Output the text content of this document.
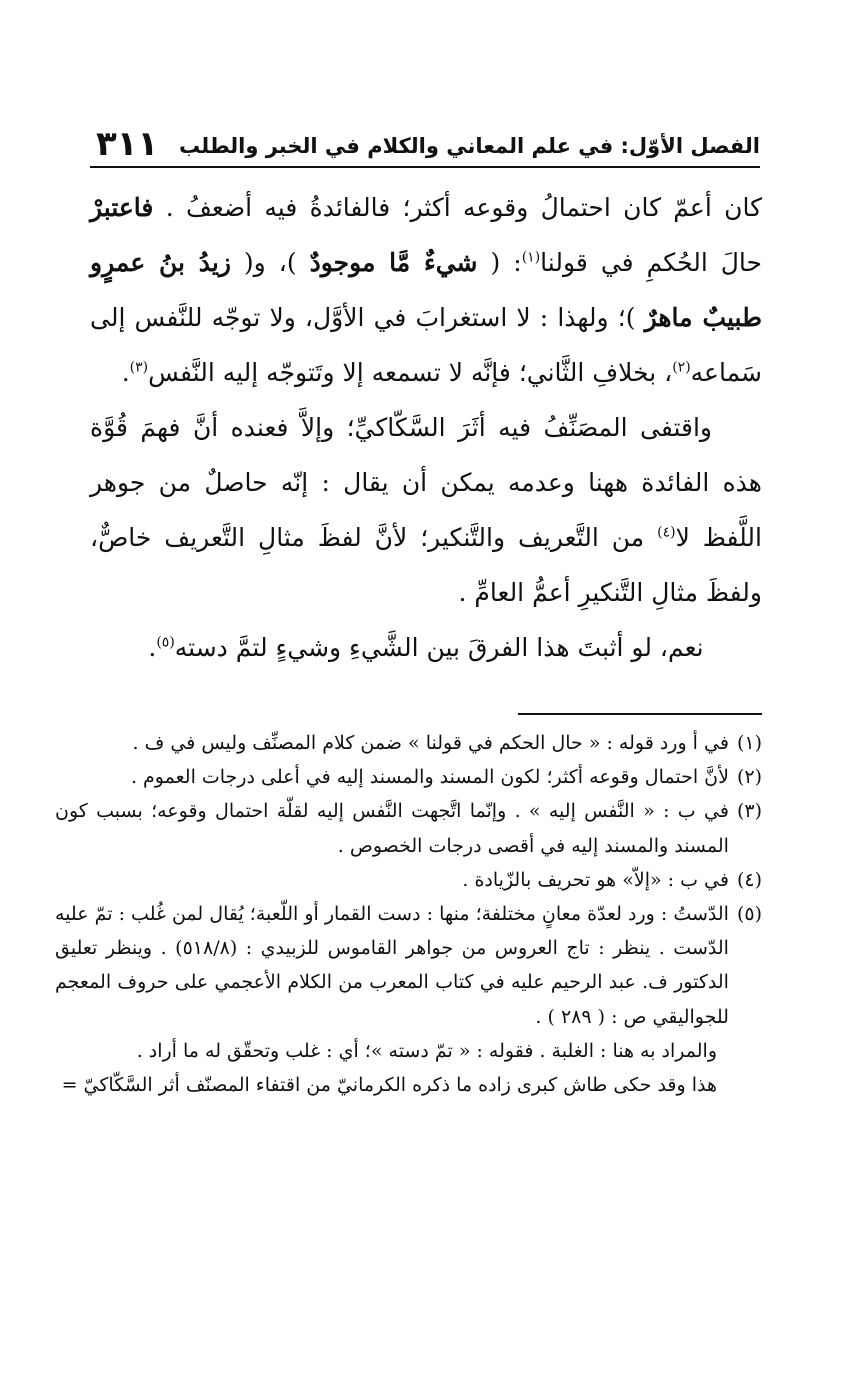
٣١١ الفصل الأوّل: في علم المعاني والكلام في الخبر والطلب

كان أعمّ كان احتمالُ وقوعه أكثر؛ فالفائدةُ فيه أضعفُ . فاعتبرْ حالَ الحُكمِ في قولنا$^{(١)}$: ( شيءٌ مَّا موجودٌ )، و( زيدُ بنُ عمرٍو طبيبٌ ماهرٌ )؛ ولهذا : لا استغرابَ في الأوَّل، ولا توجّه للنَّفس إلى سَماعه$^{(٢)}$، بخلافِ الثَّاني؛ فإنَّه لا تسمعه إلا وتَتوجّه إليه النَّفس$^{(٣)}$.

واقتفى المصَنِّفُ فيه أثَرَ السَّكّاكيِّ؛ وإلاَّ فعنده أنَّ فهمَ قُوَّة هذه الفائدة ههنا وعدمه يمكن أن يقال : إنّه حاصلٌ من جوهر اللَّفظ لا$^{(٤)}$ من التَّعريف والتَّنكير؛ لأنَّ لفظَ مثالِ التَّعريف خاصٌّ، ولفظَ مثالِ التَّنكيرِ أعمُّ العامِّ .

نعم، لو أثبتَ هذا الفرقَ بين الشَّيءِ وشيءٍ لتمَّ دسته$^{(٥)}$.

(١)
في أ ورد قوله : « حال الحكم في قولنا » ضمن كلام المصنِّف وليس في ف .
(٢)
لأنَّ احتمال وقوعه أكثر؛ لكون المسند والمسند إليه في أعلى درجات العموم .
(٣)
في ب : « النَّفس إليه » . وإنّما اتَّجهت النَّفس إليه لقلّة احتمال وقوعه؛ بسبب كون المسند والمسند إليه في أقصى درجات الخصوص .
(٤)
في ب : «إلاّ» هو تحريف بالزّيادة .
(٥)
الدّستُ : ورد لعدّة معانٍ مختلفة؛ منها : دست القمار أو اللّعبة؛ يُقال لمن غُلب : تمّ عليه الدّست . ينظر : تاج العروس من جواهر القاموس للزبيدي : (٥١٨/٨) . وينظر تعليق الدكتور ف. عبد الرحيم عليه في كتاب المعرب من الكلام الأعجمي على حروف المعجم للجواليقي ص : ( ٢٨٩ ) .

والمراد به هنا : الغلبة . فقوله : « تمّ دسته »؛ أي : غلب وتحقّق له ما أراد .

هذا وقد حكى طاش كبرى زاده ما ذكره الكرمانيّ من اقتفاء المصنّف أثر السَّكّاكيّ =
